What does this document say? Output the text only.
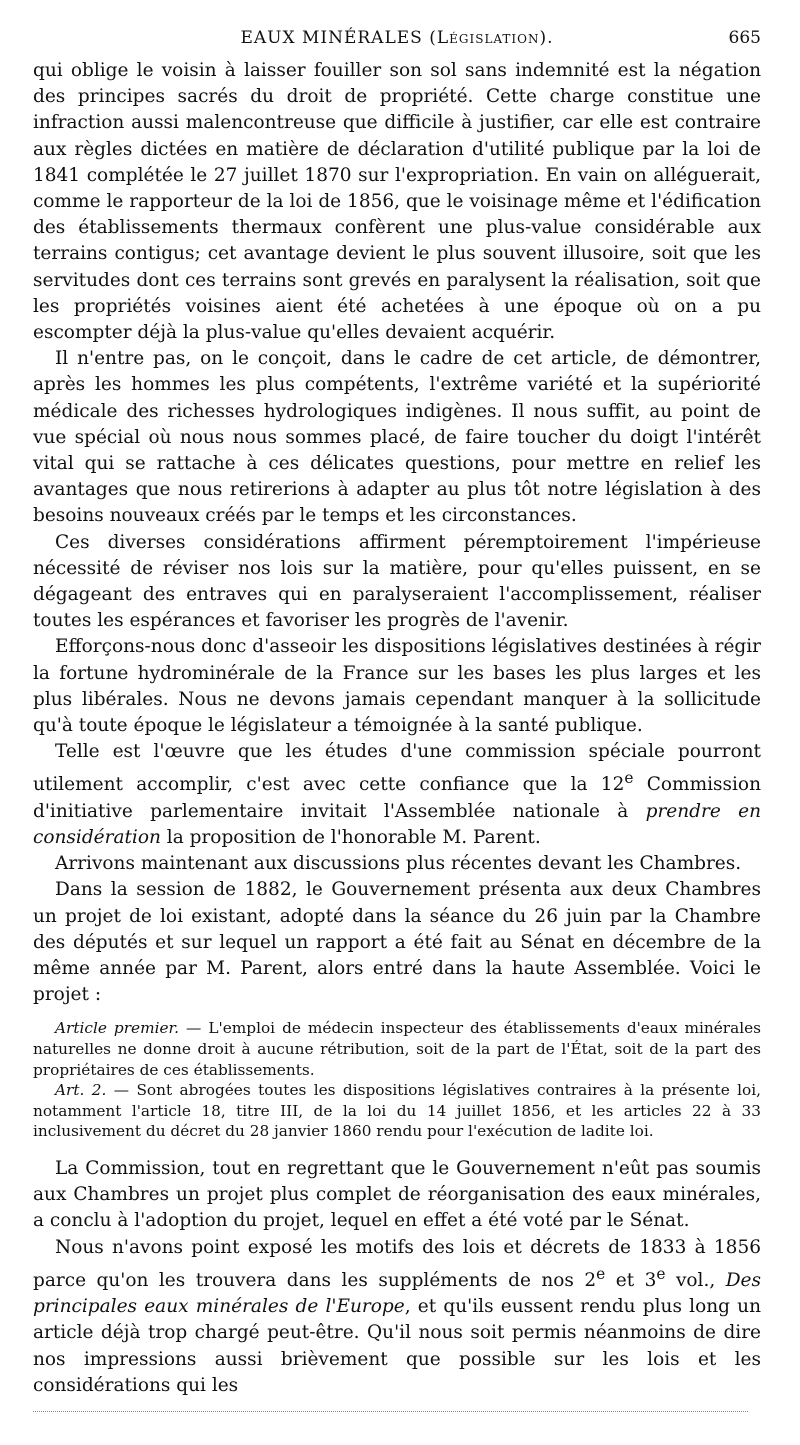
EAUX MINÉRALES (Législation).	665

qui oblige le voisin à laisser fouiller son sol sans indemnité est la négation des principes sacrés du droit de propriété. Cette charge constitue une infraction aussi malencontreuse que difficile à justifier, car elle est contraire aux règles dictées en matière de déclaration d'utilité publique par la loi de 1841 complétée le 27 juillet 1870 sur l'expropriation. En vain on alléguerait, comme le rapporteur de la loi de 1856, que le voisinage même et l'édification des établissements thermaux confèrent une plus-value considérable aux terrains contigus; cet avantage devient le plus souvent illusoire, soit que les servitudes dont ces terrains sont grevés en paralysent la réalisation, soit que les propriétés voisines aient été achetées à une époque où on a pu escompter déjà la plus-value qu'elles devaient acquérir.

Il n'entre pas, on le conçoit, dans le cadre de cet article, de démontrer, après les hommes les plus compétents, l'extrême variété et la supériorité médicale des richesses hydrologiques indigènes. Il nous suffit, au point de vue spécial où nous nous sommes placé, de faire toucher du doigt l'intérêt vital qui se rattache à ces délicates questions, pour mettre en relief les avantages que nous retirerions à adapter au plus tôt notre législation à des besoins nouveaux créés par le temps et les circonstances.

Ces diverses considérations affirment péremptoirement l'impérieuse nécessité de réviser nos lois sur la matière, pour qu'elles puissent, en se dégageant des entraves qui en paralyseraient l'accomplissement, réaliser toutes les espérances et favoriser les progrès de l'avenir.

Efforçons-nous donc d'asseoir les dispositions législatives destinées à régir la fortune hydrominérale de la France sur les bases les plus larges et les plus libérales. Nous ne devons jamais cependant manquer à la sollicitude qu'à toute époque le législateur a témoignée à la santé publique.

Telle est l'œuvre que les études d'une commission spéciale pourront utilement accomplir, c'est avec cette confiance que la 12e Commission d'initiative parlementaire invitait l'Assemblée nationale à prendre en considération la proposition de l'honorable M. Parent.

Arrivons maintenant aux discussions plus récentes devant les Chambres.

Dans la session de 1882, le Gouvernement présenta aux deux Chambres un projet de loi existant, adopté dans la séance du 26 juin par la Chambre des députés et sur lequel un rapport a été fait au Sénat en décembre de la même année par M. Parent, alors entré dans la haute Assemblée. Voici le projet :

Article premier. — L'emploi de médecin inspecteur des établissements d'eaux minérales naturelles ne donne droit à aucune rétribution, soit de la part de l'État, soit de la part des propriétaires de ces établissements.

Art. 2. — Sont abrogées toutes les dispositions législatives contraires à la présente loi, notamment l'article 18, titre III, de la loi du 14 juillet 1856, et les articles 22 à 33 inclusivement du décret du 28 janvier 1860 rendu pour l'exécution de ladite loi.

La Commission, tout en regrettant que le Gouvernement n'eût pas soumis aux Chambres un projet plus complet de réorganisation des eaux minérales, a conclu à l'adoption du projet, lequel en effet a été voté par le Sénat.

Nous n'avons point exposé les motifs des lois et décrets de 1833 à 1856 parce qu'on les trouvera dans les suppléments de nos 2e et 3e vol., Des principales eaux minérales de l'Europe, et qu'ils eussent rendu plus long un article déjà trop chargé peut-être. Qu'il nous soit permis néanmoins de dire nos impressions aussi brièvement que possible sur les lois et les considérations qui les
